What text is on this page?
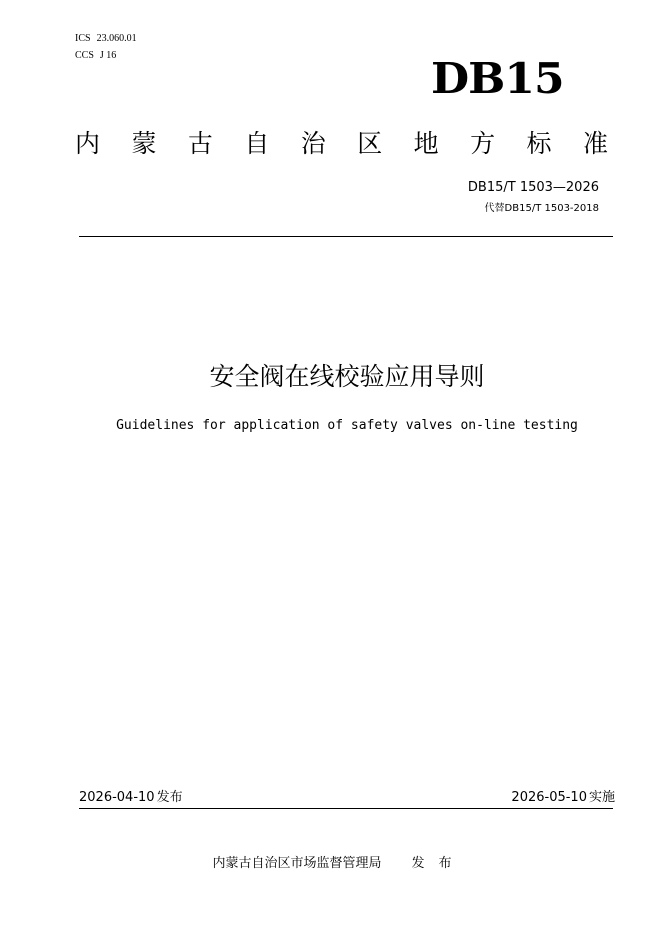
ICS 23.060.01
CCS J 16	DB15
内 蒙 古 自 治 区 地 方 标 准
DB15/T 1503—2026
代替DB15/T 1503-2018
安全阀在线校验应用导则
Guidelines for application of safety valves on-line testing
2026-04-10 发布	2026-05-10 实施
内蒙古自治区市场监督管理局 发布
